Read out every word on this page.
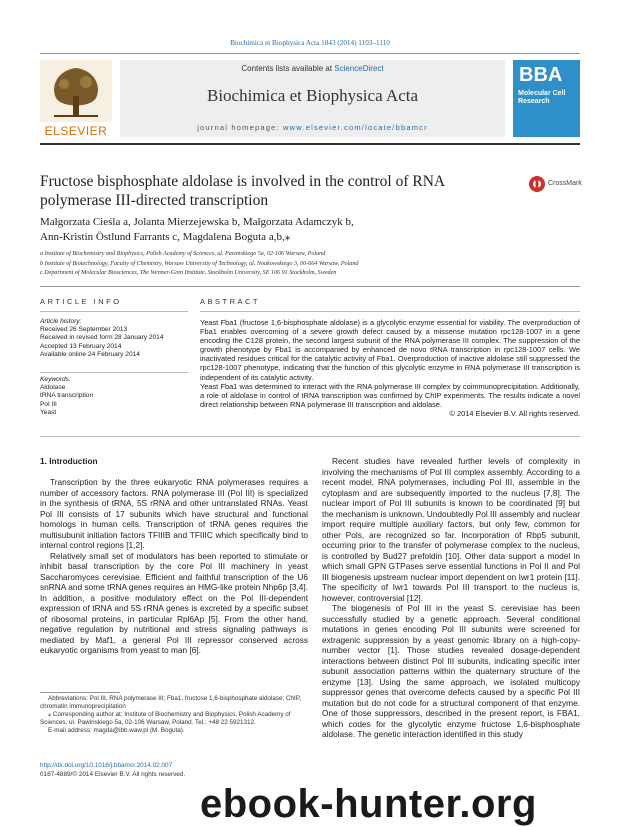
Biochimica et Biophysica Acta 1843 (2014) 1103–1110
ELSEVIER
Contents lists available at ScienceDirect
Biochimica et Biophysica Acta
journal homepage: www.elsevier.com/locate/bbamcr
BBA
Molecular Cell Research
Fructose bisphosphate aldolase is involved in the control of RNA polymerase III-directed transcription
CrossMark
Małgorzata Cieśla a, Jolanta Mierzejewska b, Małgorzata Adamczyk b,
Ann-Kristin Östlund Farrants c, Magdalena Boguta a,b,⁎
a Institute of Biochemistry and Biophysics, Polish Academy of Sciences, ul. Pawinskiego 5a, 02-106 Warsaw, Poland
b Institute of Biotechnology, Faculty of Chemistry, Warsaw University of Technology, ul. Noakowskiego 3, 00-664 Warsaw, Poland
c Department of Molecular Biosciences, The Wenner-Gren Institute, Stockholm University, SE 106 91 Stockholm, Sweden
ARTICLE INFO	ABSTRACT
Article history:
Received 26 September 2013
Received in revised form 28 January 2014
Accepted 13 February 2014
Available online 24 February 2014
Keywords:
Aldolase
tRNA transcription
Pol III
Yeast

Yeast Fba1 (fructose 1,6-bisphosphate aldolase) is a glycolytic enzyme essential for viability. The overproduction of Fba1 enables overcoming of a severe growth defect caused by a missense mutation rpc128-1007 in a gene encoding the C128 protein, the second largest subunit of the RNA polymerase III complex. The suppression of the growth phenotype by Fba1 is accompanied by enhanced de novo tRNA transcription in rpc128-1007 cells. We inactivated residues critical for the catalytic activity of Fba1. Overproduction of inactive aldolase still suppressed the rpc128-1007 phenotype, indicating that the function of this glycolytic enzyme in RNA polymerase III transcription is independent of its catalytic activity.

Yeast Fba1 was determined to interact with the RNA polymerase III complex by coimmunoprecipitation. Additionally, a role of aldolase in control of tRNA transcription was confirmed by ChIP experiments. The results indicate a novel direct relationship between RNA polymerase III transcription and aldolase.

© 2014 Elsevier B.V. All rights reserved.

1. Introduction

Transcription by the three eukaryotic RNA polymerases requires a number of accessory factors. RNA polymerase III (Pol III) is specialized in the synthesis of tRNA, 5S rRNA and other untranslated RNAs. Yeast Pol III consists of 17 subunits which have structural and functional homologs in human cells. Transcription of tRNA genes requires the multisubunit initiation factors TFIIIB and TFIIIC which specifically bind to internal control regions [1,2].

Relatively small set of modulators has been reported to stimulate or inhibit basal transcription by the core Pol III machinery in yeast Saccharomyces cerevisiae. Efficient and faithful transcription of the U6 snRNA and some tRNA genes requires an HMG-like protein Nhp6p [3,4]. In addition, a positive modulatory effect on the Pol III-dependent expression of tRNA and 5S rRNA genes is excreted by a specific subset of ribosomal proteins, in particular Rpl6Ap [5]. From the other hand, negative regulation by nutritional and stress signaling pathways is mediated by Maf1, a general Pol III repressor conserved across eukaryotic organisms from yeast to man [6].

Recent studies have revealed further levels of complexity in involving the mechanisms of Pol III complex assembly. According to a recent model, RNA polymerases, including Pol III, assemble in the cytoplasm and are subsequently imported to the nucleus [7,8]. The nuclear import of Pol III subunits is known to be coordinated [9] but the mechanism is unknown. Undoubtedly Pol III assembly and nuclear import require multiple auxiliary factors, but only few, common for other Pols, are recognized so far. Incorporation of Rbp5 subunit, occurring prior to the transfer of polymerase complex to the nucleus, is controlled by Bud27 prefoldin [10]. Other data support a model in which small GPN GTPases serve essential functions in Pol II and Pol III biogenesis upstream nuclear import dependent on Iwr1 protein [11]. The specificity of Iwr1 towards Pol III transport to the nucleus is, however, controversial [12].

The biogenesis of Pol III in the yeast S. cerevisiae has been successfully studied by a genetic approach. Several conditional mutations in genes encoding Pol III subunits were screened for extragenic suppression by a yeast genomic library on a high-copy-number vector [1]. Those studies revealed dosage-dependent interactions between distinct Pol III subunits, indicating specific inter subunit association patterns within the quaternary structure of the enzyme [13]. Using the same approach, we isolated multicopy suppressor genes that overcome defects caused by a specific Pol III mutation but do not code for a structural component of that enzyme. One of those suppressors, described in the present report, is FBA1, which codes for the glycolytic enzyme fructose 1,6-bisphosphate aldolase. The genetic interaction identified in this study

Abbreviations: Pol III, RNA polymerase III; Fba1, fructose 1,6-bisphosphate aldolase; ChIP, chromatin immunoprecipitation

⁎ Corresponding author at: Institute of Biochemistry and Biophysics, Polish Academy of Sciences, ul. Pawinskiego 5a, 02-106 Warsaw, Poland. Tel.: +48 22 5921312.

E-mail address: magda@ibb.waw.pl (M. Boguta).

http://dx.doi.org/10.1016/j.bbamcr.2014.02.007
0167-4889/© 2014 Elsevier B.V. All rights reserved.
ebook-hunter.org
